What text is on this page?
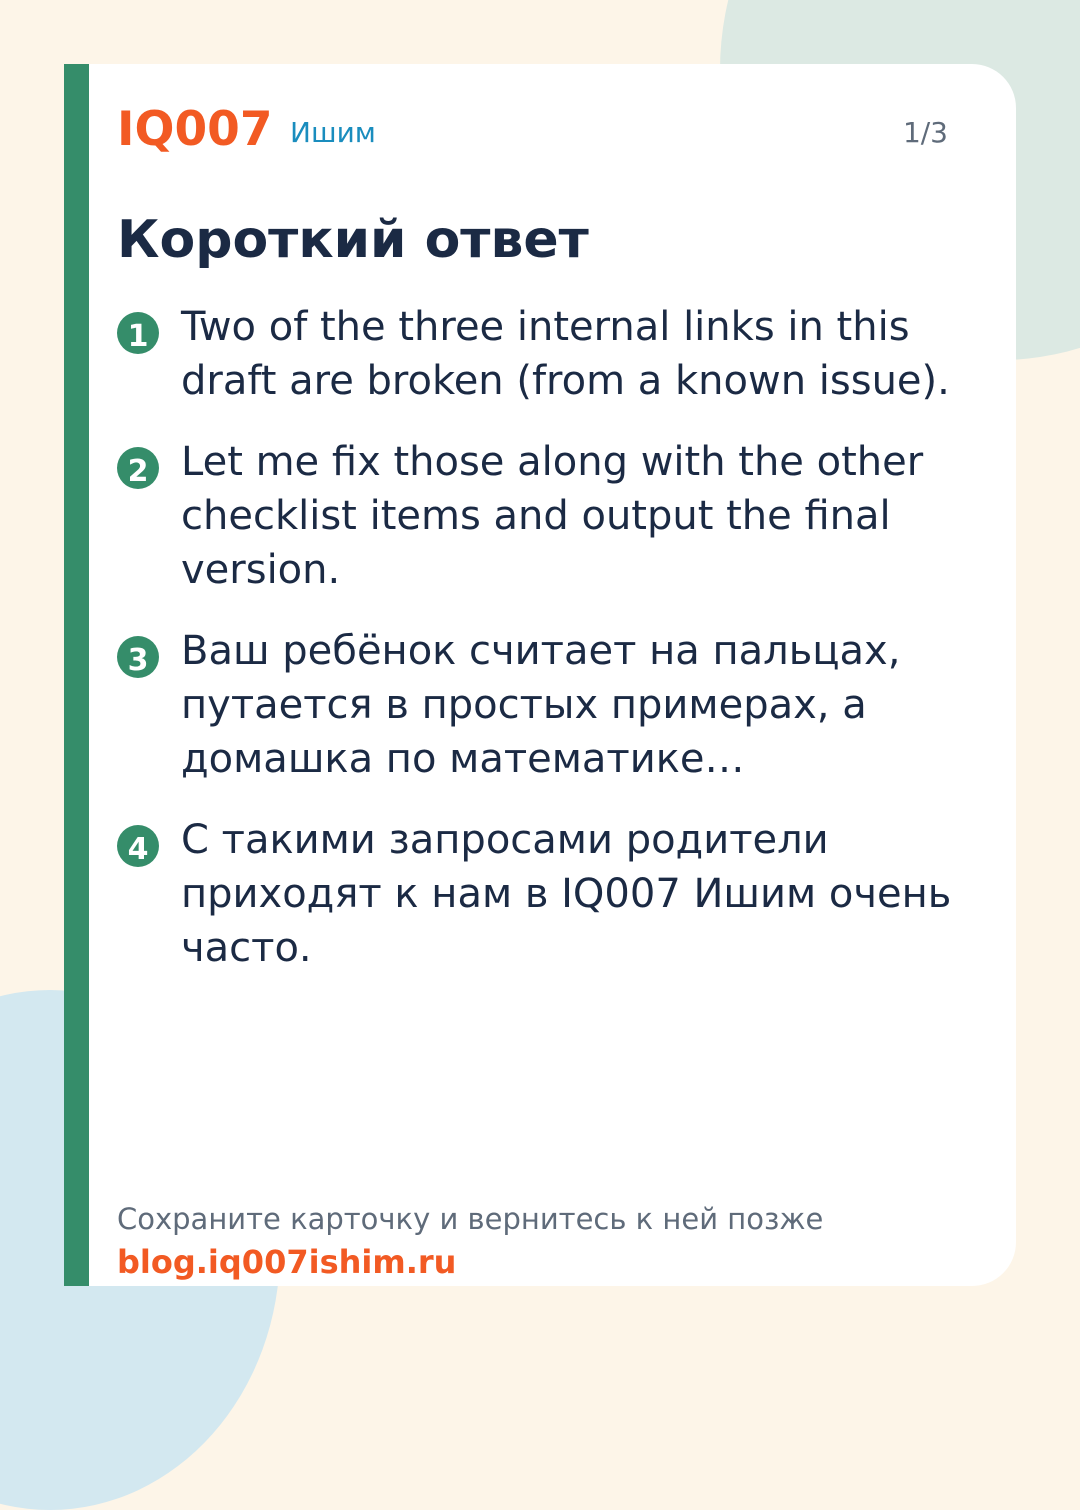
IQ007 Ишим	1/3
Короткий ответ
1 Two of the three internal links in this draft are broken (from a known issue).
2 Let me fix those along with the other checklist items and output the final version.
3 Ваш ребёнок считает на пальцах, путается в простых примерах, а домашка по математике…
4 С такими запросами родители приходят к нам в IQ007 Ишим очень часто.
Сохраните карточку и вернитесь к ней позже
blog.iq007ishim.ru
